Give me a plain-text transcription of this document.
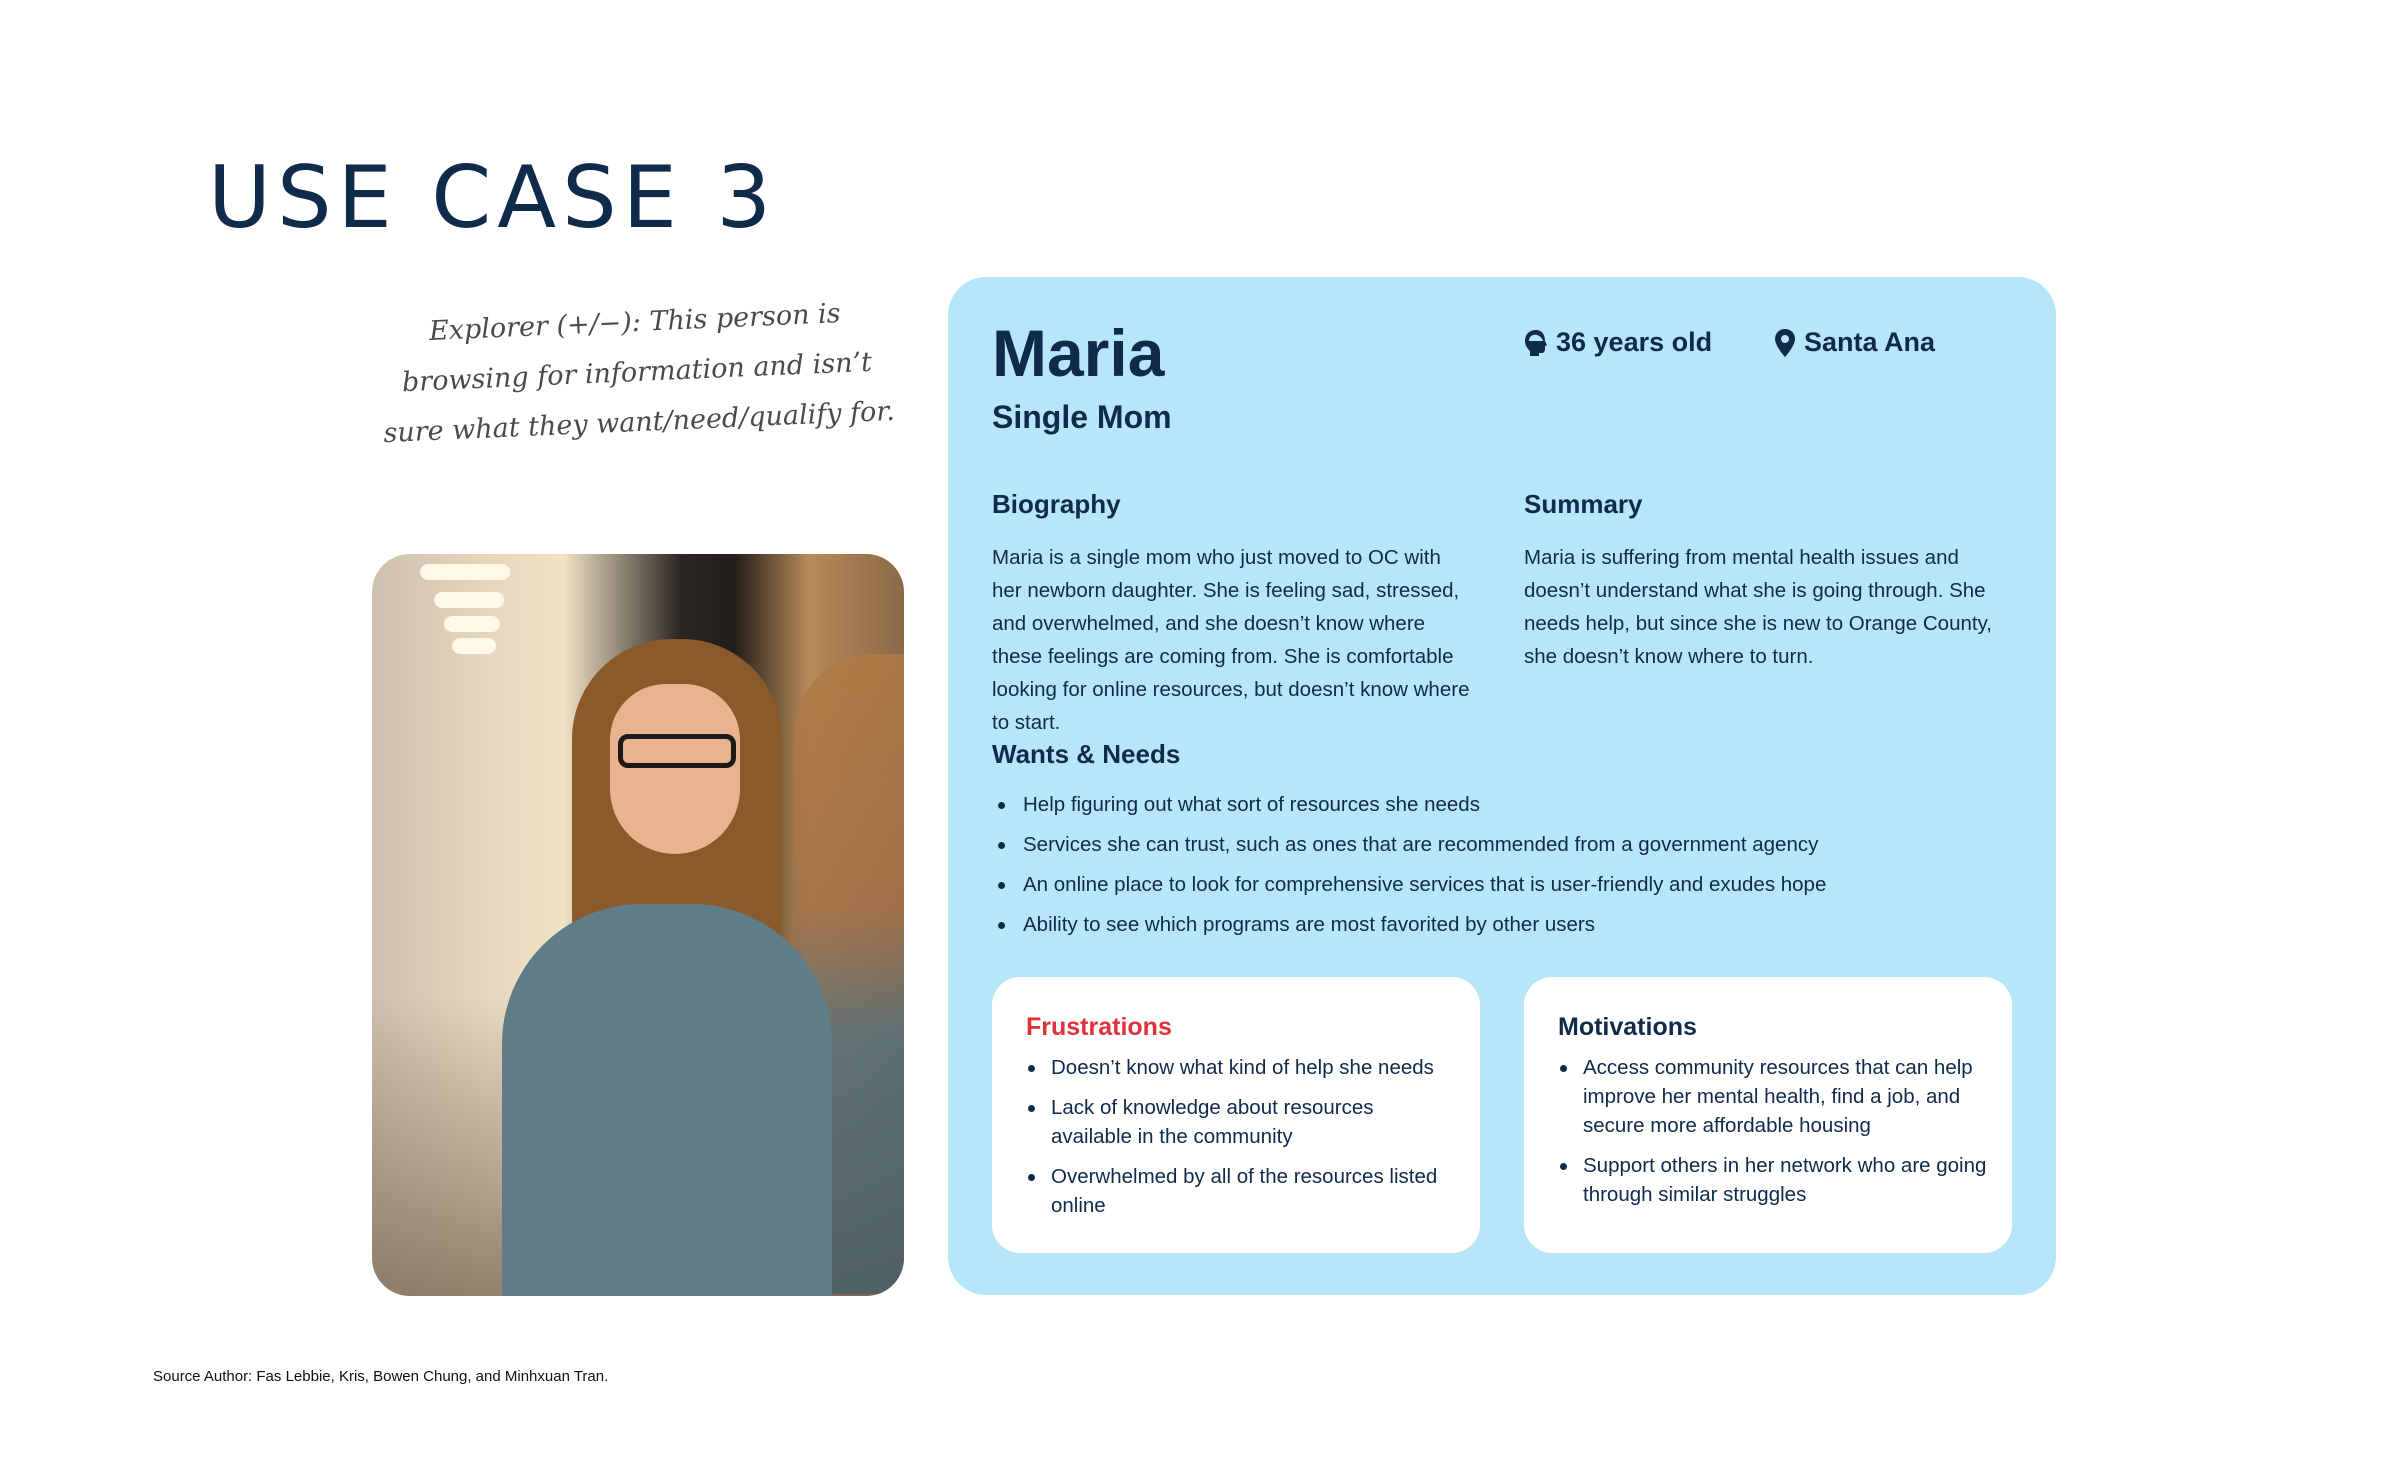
USE CASE 3
Explorer (+/−): This person is browsing for information and isn’t sure what they want/need/qualify for.
Maria
Single Mom
36 years old	Santa Ana
Biography
Maria is a single mom who just moved to OC with her newborn daughter. She is feeling sad, stressed, and overwhelmed, and she doesn’t know where these feelings are coming from. She is comfortable looking for online resources, but doesn’t know where to start.
Summary
Maria is suffering from mental health issues and doesn’t understand what she is going through. She needs help, but since she is new to Orange County, she doesn’t know where to turn.
Wants & Needs
Help figuring out what sort of resources she needs
Services she can trust, such as ones that are recommended from a government agency
An online place to look for comprehensive services that is user-friendly and exudes hope
Ability to see which programs are most favorited by other users
Frustrations
Doesn’t know what kind of help she needs
Lack of knowledge about resources available in the community
Overwhelmed by all of the resources listed online
Motivations
Access community resources that can help improve her mental health, find a job, and secure more affordable housing
Support others in her network who are going through similar struggles
Source Author: Fas Lebbie, Kris, Bowen Chung, and Minhxuan Tran.
